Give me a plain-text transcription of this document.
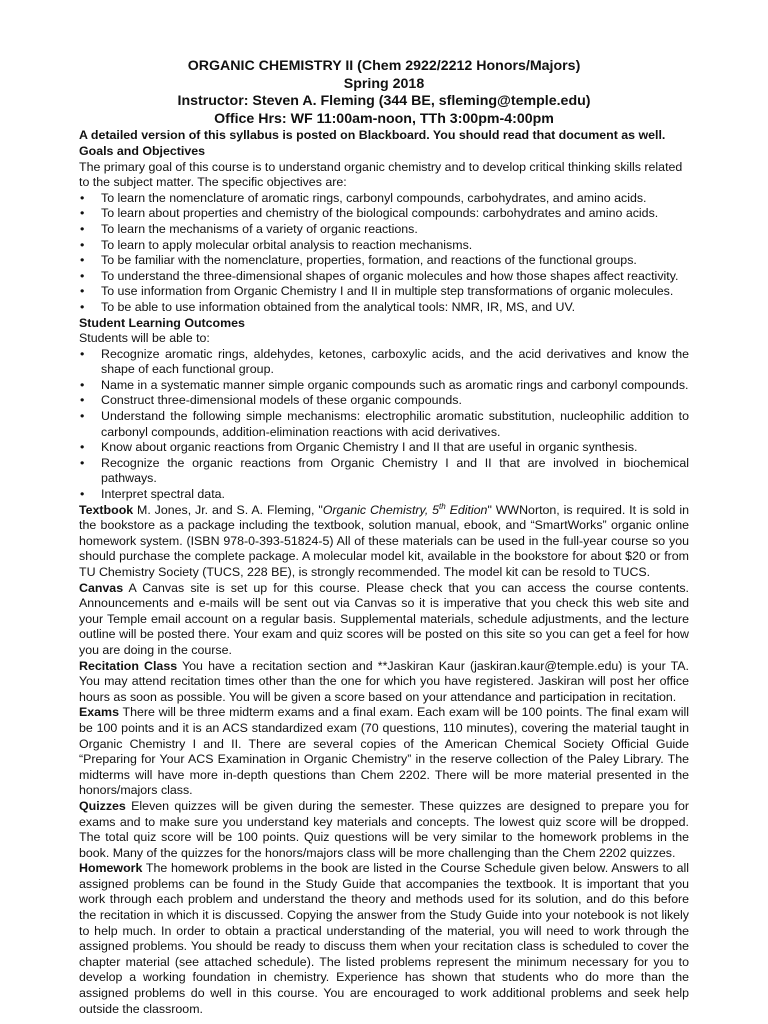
ORGANIC CHEMISTRY II (Chem 2922/2212 Honors/Majors)
Spring 2018
Instructor: Steven A. Fleming (344 BE, sfleming@temple.edu)
Office Hrs: WF 11:00am-noon, TTh 3:00pm-4:00pm

A detailed version of this syllabus is posted on Blackboard. You should read that document as well.

Goals and Objectives

The primary goal of this course is to understand organic chemistry and to develop critical thinking skills related to the subject matter. The specific objectives are:

• To learn the nomenclature of aromatic rings, carbonyl compounds, carbohydrates, and amino acids.
• To learn about properties and chemistry of the biological compounds: carbohydrates and amino acids.
• To learn the mechanisms of a variety of organic reactions.
• To learn to apply molecular orbital analysis to reaction mechanisms.
• To be familiar with the nomenclature, properties, formation, and reactions of the functional groups.
• To understand the three-dimensional shapes of organic molecules and how those shapes affect reactivity.
• To use information from Organic Chemistry I and II in multiple step transformations of organic molecules.
• To be able to use information obtained from the analytical tools: NMR, IR, MS, and UV.
Student Learning Outcomes

Students will be able to:

• Recognize aromatic rings, aldehydes, ketones, carboxylic acids, and the acid derivatives and know the shape of each functional group.
• Name in a systematic manner simple organic compounds such as aromatic rings and carbonyl compounds.
• Construct three-dimensional models of these organic compounds.
• Understand the following simple mechanisms: electrophilic aromatic substitution, nucleophilic addition to carbonyl compounds, addition-elimination reactions with acid derivatives.
• Know about organic reactions from Organic Chemistry I and II that are useful in organic synthesis.
• Recognize the organic reactions from Organic Chemistry I and II that are involved in biochemical pathways.
• Interpret spectral data.

Textbook M. Jones, Jr. and S. A. Fleming, "Organic Chemistry, 5th Edition" WWNorton, is required. It is sold in the bookstore as a package including the textbook, solution manual, ebook, and “SmartWorks” organic online homework system. (ISBN 978-0-393-51824-5) All of these materials can be used in the full-year course so you should purchase the complete package. A molecular model kit, available in the bookstore for about $20 or from TU Chemistry Society (TUCS, 228 BE), is strongly recommended. The model kit can be resold to TUCS.

Canvas A Canvas site is set up for this course. Please check that you can access the course contents. Announcements and e-mails will be sent out via Canvas so it is imperative that you check this web site and your Temple email account on a regular basis. Supplemental materials, schedule adjustments, and the lecture outline will be posted there. Your exam and quiz scores will be posted on this site so you can get a feel for how you are doing in the course.

Recitation Class You have a recitation section and **Jaskiran Kaur (jaskiran.kaur@temple.edu) is your TA. You may attend recitation times other than the one for which you have registered. Jaskiran will post her office hours as soon as possible. You will be given a score based on your attendance and participation in recitation.

Exams There will be three midterm exams and a final exam. Each exam will be 100 points. The final exam will be 100 points and it is an ACS standardized exam (70 questions, 110 minutes), covering the material taught in Organic Chemistry I and II. There are several copies of the American Chemical Society Official Guide “Preparing for Your ACS Examination in Organic Chemistry” in the reserve collection of the Paley Library. The midterms will have more in-depth questions than Chem 2202. There will be more material presented in the honors/majors class.

Quizzes Eleven quizzes will be given during the semester. These quizzes are designed to prepare you for exams and to make sure you understand key materials and concepts. The lowest quiz score will be dropped. The total quiz score will be 100 points. Quiz questions will be very similar to the homework problems in the book. Many of the quizzes for the honors/majors class will be more challenging than the Chem 2202 quizzes.

Homework The homework problems in the book are listed in the Course Schedule given below. Answers to all assigned problems can be found in the Study Guide that accompanies the textbook. It is important that you work through each problem and understand the theory and methods used for its solution, and do this before the recitation in which it is discussed. Copying the answer from the Study Guide into your notebook is not likely to help much. In order to obtain a practical understanding of the material, you will need to work through the assigned problems. You should be ready to discuss them when your recitation class is scheduled to cover the chapter material (see attached schedule). The listed problems represent the minimum necessary for you to develop a working foundation in chemistry. Experience has shown that students who do more than the assigned problems do well in this course. You are encouraged to work additional problems and seek help outside the classroom.
